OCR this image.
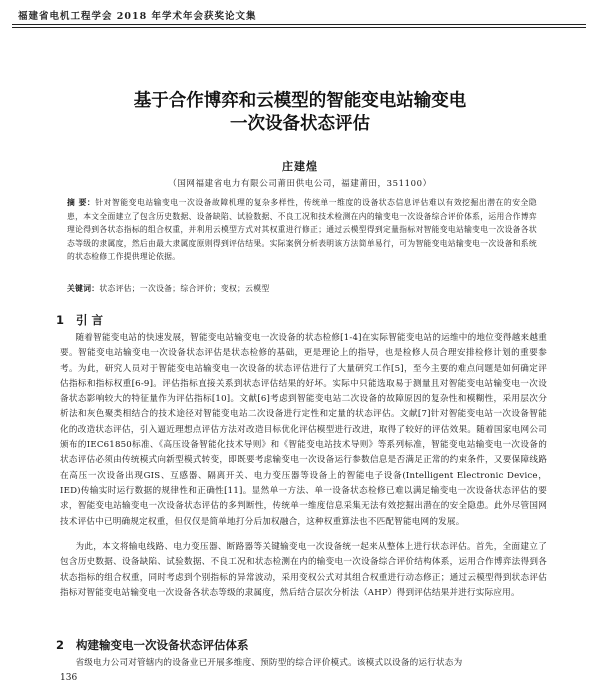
福建省电机工程学会 2018 年学术年会获奖论文集
基于合作博弈和云模型的智能变电站输变电
一次设备状态评估
庄建煌
（国网福建省电力有限公司莆田供电公司，福建莆田，351100）
摘 要：针对智能变电站输变电一次设备故障机理的复杂多样性，传统单一维度的设备状态信息评估难以有效挖掘出潜在的安全隐患，本文全面建立了包含历史数据、设备缺陷、试验数据、不良工况和技术检测在内的输变电一次设备综合评价体系，运用合作博弈理论得到各状态指标的组合权重，并利用云模型方式对其权重进行修正；通过云模型得到定量指标对智能变电站输变电一次设备各状态等级的隶属度，然后由最大隶属度原则得到评估结果。实际案例分析表明该方法简单易行，可为智能变电站输变电一次设备和系统的状态检修工作提供理论依据。
关键词：状态评估；一次设备；综合评价；变权；云模型
1 引 言

随着智能变电站的快速发展，智能变电站输变电一次设备的状态检修[1-4]在实际智能变电站的运维中的地位变得越来越重要。智能变电站输变电一次设备状态评估是状态检修的基础，更是理论上的指导，也是检修人员合理安排检修计划的重要参考。为此，研究人员对于智能变电站输变电一次设备的状态评估进行了大量研究工作[5]，至今主要的难点问题是如何确定评估指标和指标权重[6-9]。评估指标直接关系到状态评估结果的好坏。实际中只能选取易于测量且对智能变电站输变电一次设备状态影响较大的特征量作为评估指标[10]。文献[6]考虑到智能变电站二次设备的故障原因的复杂性和模糊性，采用层次分析法和灰色聚类相结合的技术途径对智能变电站二次设备进行定性和定量的状态评估。文献[7]针对智能变电站一次设备智能化的改造状态评估，引入逼近理想点评估方法对改造目标优化评估模型进行改进，取得了较好的评估效果。随着国家电网公司颁布的IEC61850标准、《高压设备智能化技术导则》和《智能变电站技术导则》等系列标准，智能变电站输变电一次设备的状态评估必须由传统模式向新型模式转变，即既要考虑输变电一次设备运行参数信息是否满足正常的约束条件，又要保障线路在高压一次设备出现GIS、互感器、隔离开关、电力变压器等设备上的智能电子设备(Intelligent Electronic Device，IED)传输实时运行数据的规律性和正确性[11]。显然单一方法、单一设备状态检修已难以满足输变电一次设备状态评估的要求，智能变电站输变电一次设备状态评估的多判断性，传统单一维度信息采集无法有效挖掘出潜在的安全隐患。此外尽管国网技术评估中已明确规定权重，但仅仅是简单地打分后加权融合，这种权重算法也不匹配智能电网的发展。

为此，本文将输电线路、电力变压器、断路器等关键输变电一次设备统一起来从整体上进行状态评估。首先，全面建立了包含历史数据、设备缺陷、试验数据、不良工况和状态检测在内的输变电一次设备综合评价结构体系，运用合作博弈法得到各状态指标的组合权重，同时考虑到个别指标的异常波动，采用变权公式对其组合权重进行动态修正；通过云模型得到状态评估指标对智能变电站输变电一次设备各状态等级的隶属度，然后结合层次分析法（AHP）得到评估结果并进行实际应用。

2 构建输变电一次设备状态评估体系

省级电力公司对管辖内的设备业已开展多维度、预防型的综合评价模式。该模式以设备的运行状态为

136
